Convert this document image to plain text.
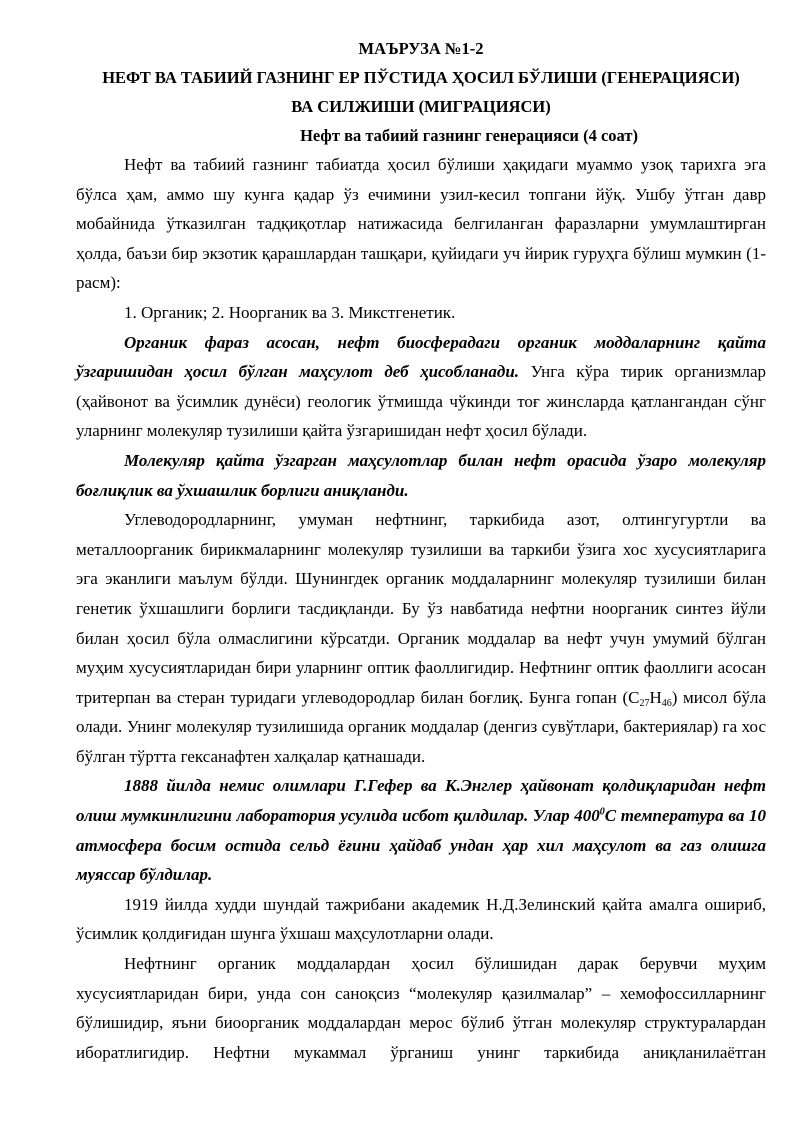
МАЪРУЗА №1-2
НЕФТ ВА ТАБИИЙ ГАЗНИНГ ЕР ПЎСТИДА ҲОСИЛ БЎЛИШИ (ГЕНЕРАЦИЯСИ)
ВА СИЛЖИШИ (МИГРАЦИЯСИ)
Нефт ва табиий газнинг генерацияси (4 соат)

Нефт ва табиий газнинг табиатда ҳосил бўлиши ҳақидаги муаммо узоқ тарихга эга бўлса ҳам, аммо шу кунга қадар ўз ечимини узил-кесил топгани йўқ. Ушбу ўтган давр мобайнида ўтказилган тадқиқотлар натижасида белгиланган фаразларни умумлаштирган ҳолда, баъзи бир экзотик қарашлардан ташқари, қуйидаги уч йирик гуруҳга бўлиш мумкин (1-расм):

1. Органик; 2. Ноорганик ва 3. Микстгенетик.

Органик фараз асосан, нефт биосферадаги органик моддаларнинг қайта ўзгаришидан ҳосил бўлган маҳсулот деб ҳисобланади. Унга кўра тирик организмлар (ҳайвонот ва ўсимлик дунёси) геологик ўтмишда чўкинди тоғ жинсларда қатлангандан сўнг уларнинг молекуляр тузилиши қайта ўзгаришидан нефт ҳосил бўлади.

Молекуляр қайта ўзгарган маҳсулотлар билан нефт орасида ўзаро молекуляр боғлиқлик ва ўхшашлик борлиги аниқланди.

Углеводородларнинг, умуман нефтнинг, таркибида азот, олтингугуртли ва металлоорганик бирикмаларнинг молекуляр тузилиши ва таркиби ўзига хос хусусиятларига эга эканлиги маълум бўлди. Шунингдек органик моддаларнинг молекуляр тузилиши билан генетик ўхшашлиги борлиги тасдиқланди. Бу ўз навбатида нефтни ноорганик синтез йўли билан ҳосил бўла олмаслигини кўрсатди. Органик моддалар ва нефт учун умумий бўлган муҳим хусусиятларидан бири уларнинг оптик фаоллигидир. Нефтнинг оптик фаоллиги асосан тритерпан ва стеран туридаги углеводородлар билан боғлиқ. Бунга гопан $(C_{27}H_{46})$ мисол бўла олади. Унинг молекуляр тузилишида органик моддалар (денгиз сувўтлари, бактериялар) га хос бўлган тўртта гексанафтен халқалар қатнашади.

1888 йилда немис олимлари Г.Гефер ва К.Энглер ҳайвонат қолдиқларидан нефт олиш мумкинлигини лаборатория усулида исбот қилдилар. Улар $400^0С$ температура ва 10 атмосфера босим остида сельд ёғини ҳайдаб ундан ҳар хил маҳсулот ва газ олишга муяссар бўлдилар.

1919 йилда худди шундай тажрибани академик Н.Д.Зелинский қайта амалга ошириб, ўсимлик қолдиғидан шунга ўхшаш маҳсулотларни олади.

Нефтнинг органик моддалардан ҳосил бўлишидан дарак берувчи муҳим хусусиятларидан бири, унда сон саноқсиз “молекуляр қазилмалар” – хемофоссилларнинг бўлишидир, яъни биоорганик моддалардан мерос бўлиб ўтган молекуляр структуралардан иборатлигидир. Нефтни мукаммал ўрганиш унинг таркибида аниқланилаётган
